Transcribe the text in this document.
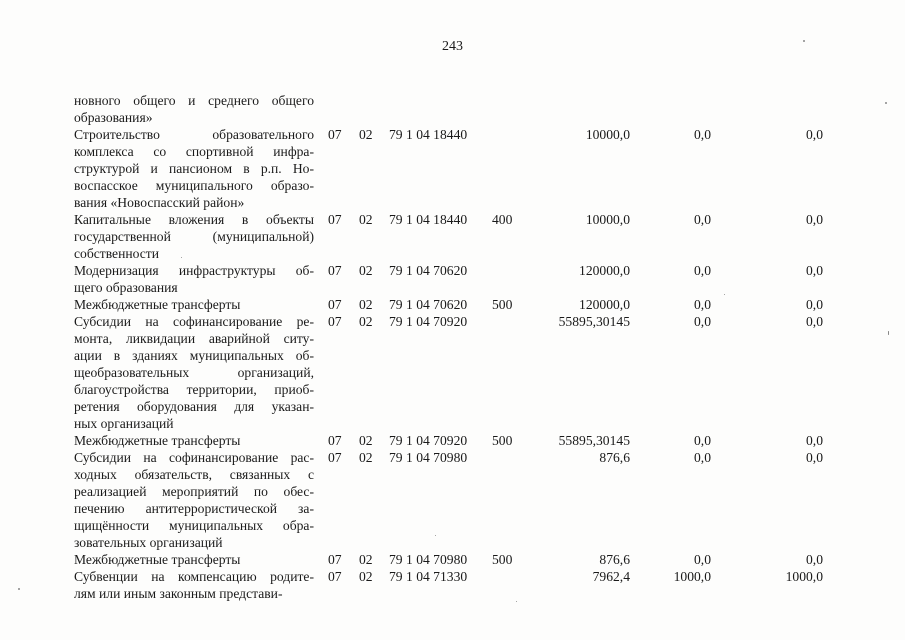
243
новного общего и среднего общего
образования»
Строительство образовательного
комплекса со спортивной инфра-
структурой и пансионом в р.п. Но-
воспасское муниципального образо-
вания «Новоспасский район»
07 02 79 1 04 18440	10000,0	0,0	0,0
Капитальные вложения в объекты
государственной (муниципальной)
собственности
07 02 79 1 04 18440 400	10000,0	0,0	0,0
Модернизация инфраструктуры об-
щего образования
07 02 79 1 04 70620	120000,0	0,0	0,0
Межбюджетные трансферты	07 02 79 1 04 70620 500	120000,0	0,0	0,0
Субсидии на софинансирование ре-
монта, ликвидации аварийной ситу-
ации в зданиях муниципальных об-
щеобразовательных организаций,
благоустройства территории, приоб-
ретения оборудования для указан-
ных организаций
07 02 79 1 04 70920	55895,30145	0,0	0,0
Межбюджетные трансферты	07 02 79 1 04 70920 500	55895,30145	0,0	0,0
Субсидии на софинансирование рас-
ходных обязательств, связанных с
реализацией мероприятий по обес-
печению антитеррористической за-
щищённости муниципальных обра-
зовательных организаций
07 02 79 1 04 70980	876,6	0,0	0,0
Межбюджетные трансферты	07 02 79 1 04 70980 500	876,6	0,0	0,0
Субвенции на компенсацию родите-
лям или иным законным представи-
07 02 79 1 04 71330	7962,4	1000,0	1000,0
